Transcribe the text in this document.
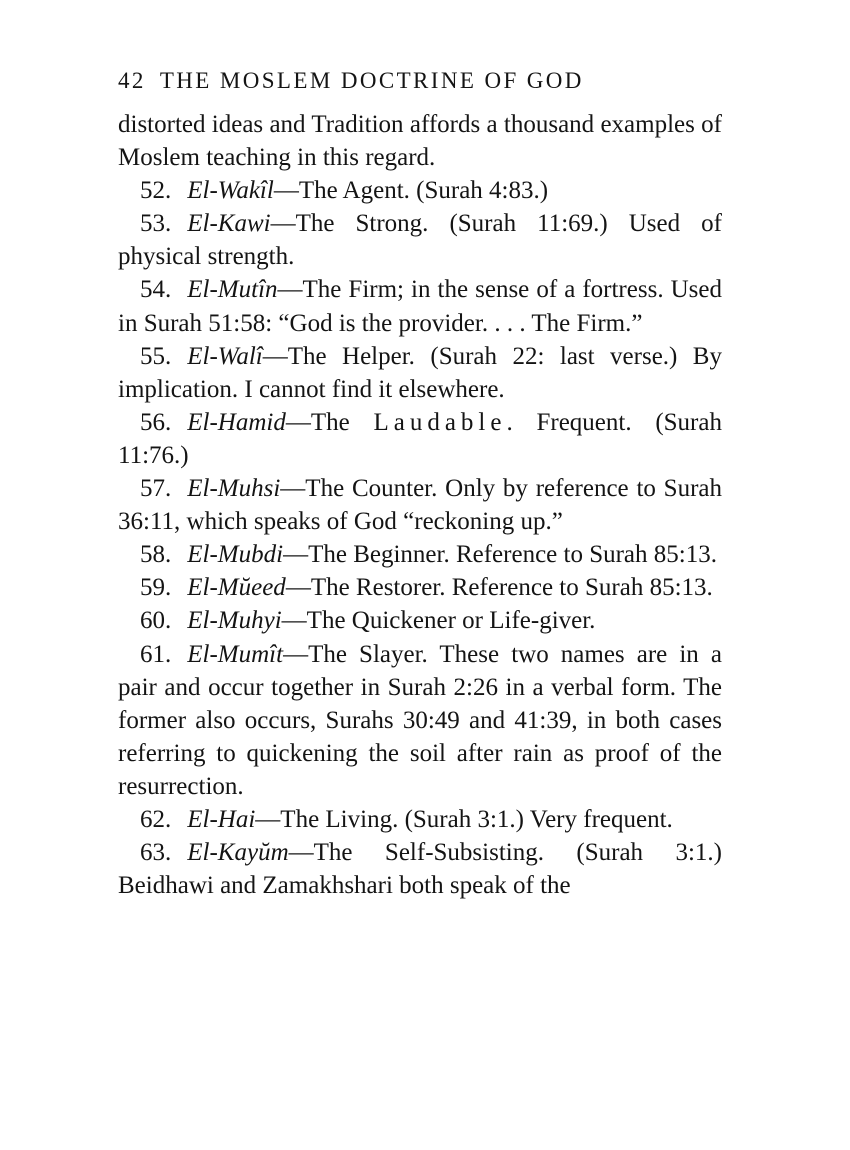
42 THE MOSLEM DOCTRINE OF GOD

distorted ideas and Tradition affords a thousand examples of Moslem teaching in this regard.

52. El-Wakîl—The Agent. (Surah 4:83.)

53. El-Kawi—The Strong. (Surah 11:69.) Used of physical strength.

54. El-Mutîn—The Firm; in the sense of a fortress. Used in Surah 51:58: “God is the provider. . . . The Firm.”

55. El-Walî—The Helper. (Surah 22: last verse.) By implication. I cannot find it elsewhere.

56. El-Hamid—The Laudable. Frequent. (Surah 11:76.)

57. El-Muhsi—The Counter. Only by reference to Surah 36:11, which speaks of God “reckoning up.”

58. El-Mubdi—The Beginner. Reference to Surah 85:13.

59. El-Mŭeed—The Restorer. Reference to Surah 85:13.

60. El-Muhyi—The Quickener or Life-giver.

61. El-Mumît—The Slayer. These two names are in a pair and occur together in Surah 2:26 in a verbal form. The former also occurs, Surahs 30:49 and 41:39, in both cases referring to quickening the soil after rain as proof of the resurrection.

62. El-Hai—The Living. (Surah 3:1.) Very frequent.

63. El-Kayŭm—The Self-Subsisting. (Surah 3:1.) Beidhawi and Zamakhshari both speak of the
